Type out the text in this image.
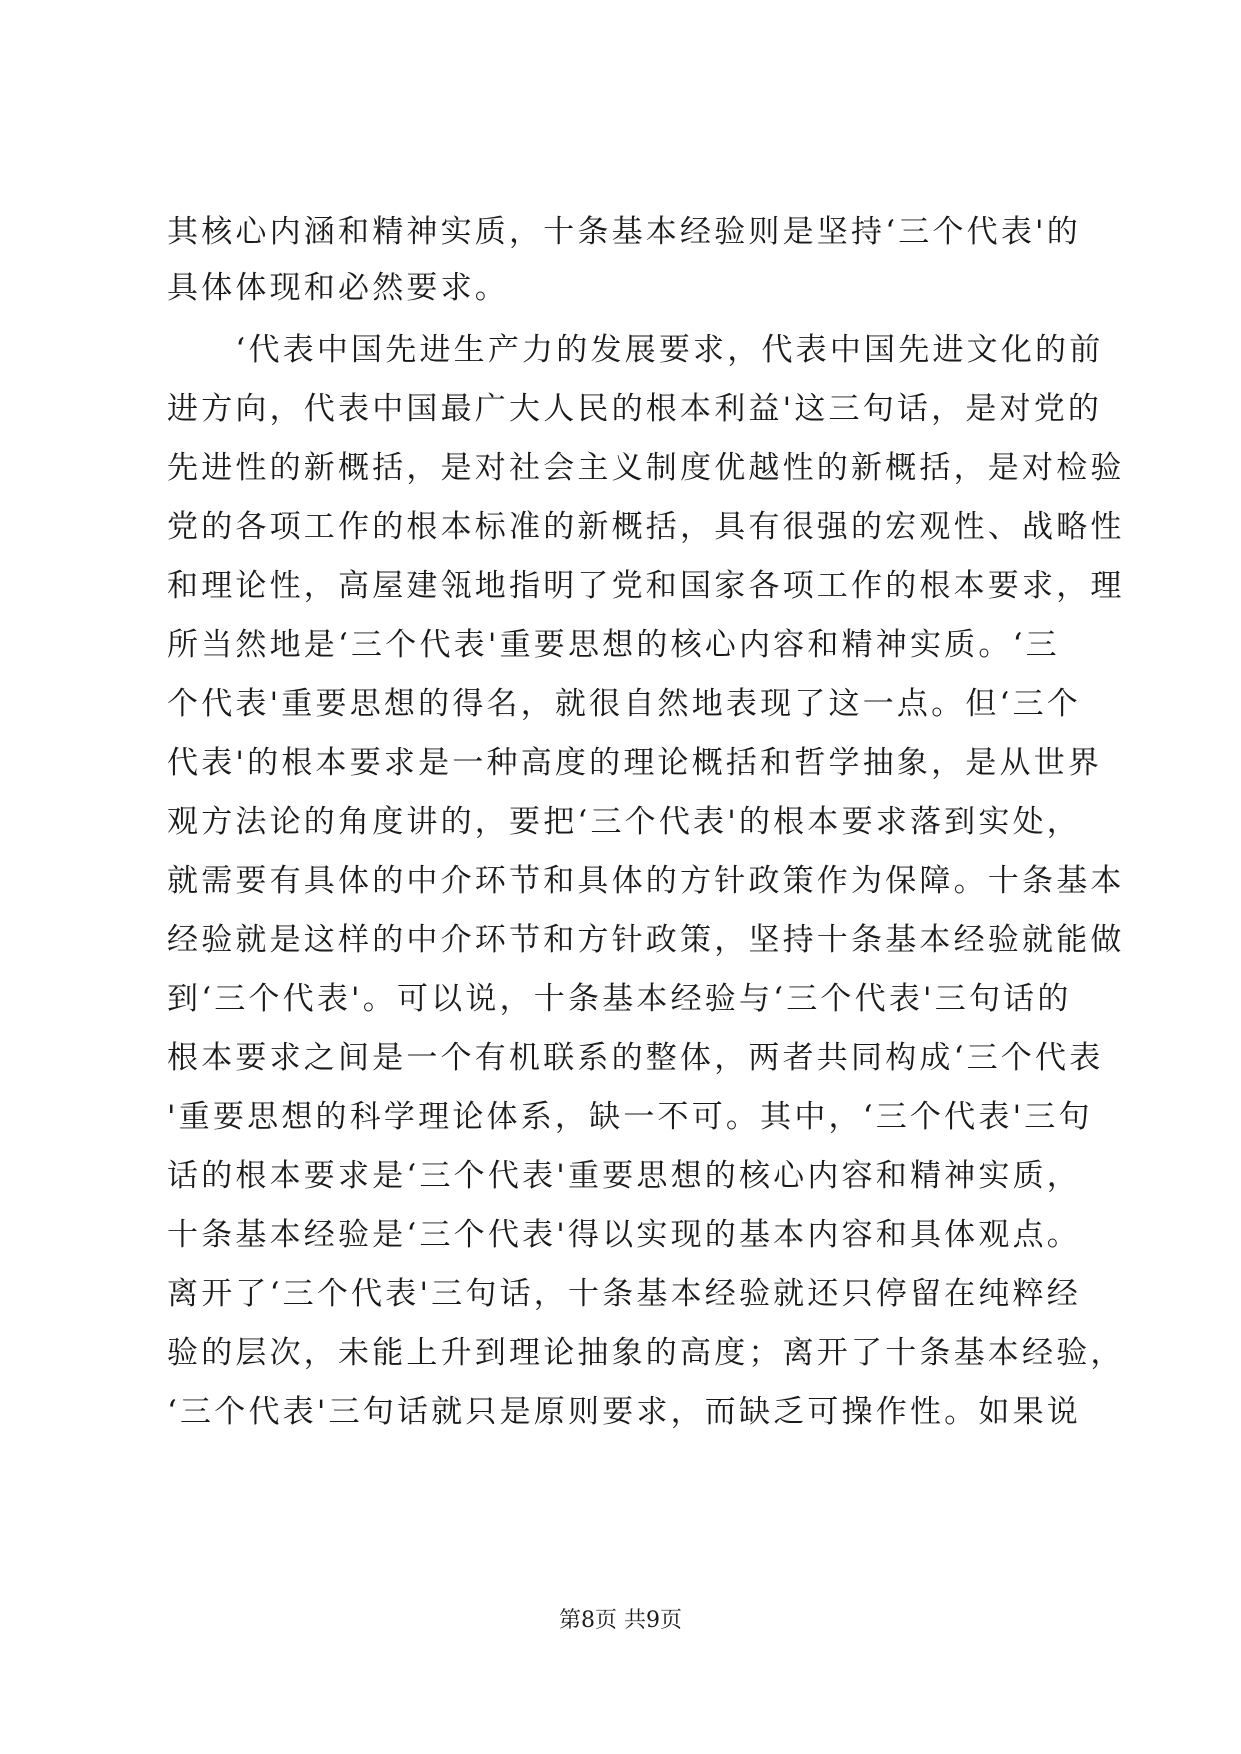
其核心内涵和精神实质，十条基本经验则是坚持‘三个代表'的
具体体现和必然要求。
　　‘代表中国先进生产力的发展要求，代表中国先进文化的前
进方向，代表中国最广大人民的根本利益'这三句话，是对党的
先进性的新概括，是对社会主义制度优越性的新概括，是对检验
党的各项工作的根本标准的新概括，具有很强的宏观性、战略性
和理论性，高屋建瓴地指明了党和国家各项工作的根本要求，理
所当然地是‘三个代表'重要思想的核心内容和精神实质。‘三
个代表'重要思想的得名，就很自然地表现了这一点。但‘三个
代表'的根本要求是一种高度的理论概括和哲学抽象，是从世界
观方法论的角度讲的，要把‘三个代表'的根本要求落到实处，
就需要有具体的中介环节和具体的方针政策作为保障。十条基本
经验就是这样的中介环节和方针政策，坚持十条基本经验就能做
到‘三个代表'。可以说，十条基本经验与‘三个代表'三句话的
根本要求之间是一个有机联系的整体，两者共同构成‘三个代表
'重要思想的科学理论体系，缺一不可。其中，‘三个代表'三句
话的根本要求是‘三个代表'重要思想的核心内容和精神实质，
十条基本经验是‘三个代表'得以实现的基本内容和具体观点。
离开了‘三个代表'三句话，十条基本经验就还只停留在纯粹经
验的层次，未能上升到理论抽象的高度；离开了十条基本经验，
‘三个代表'三句话就只是原则要求，而缺乏可操作性。如果说
第8页 共9页
